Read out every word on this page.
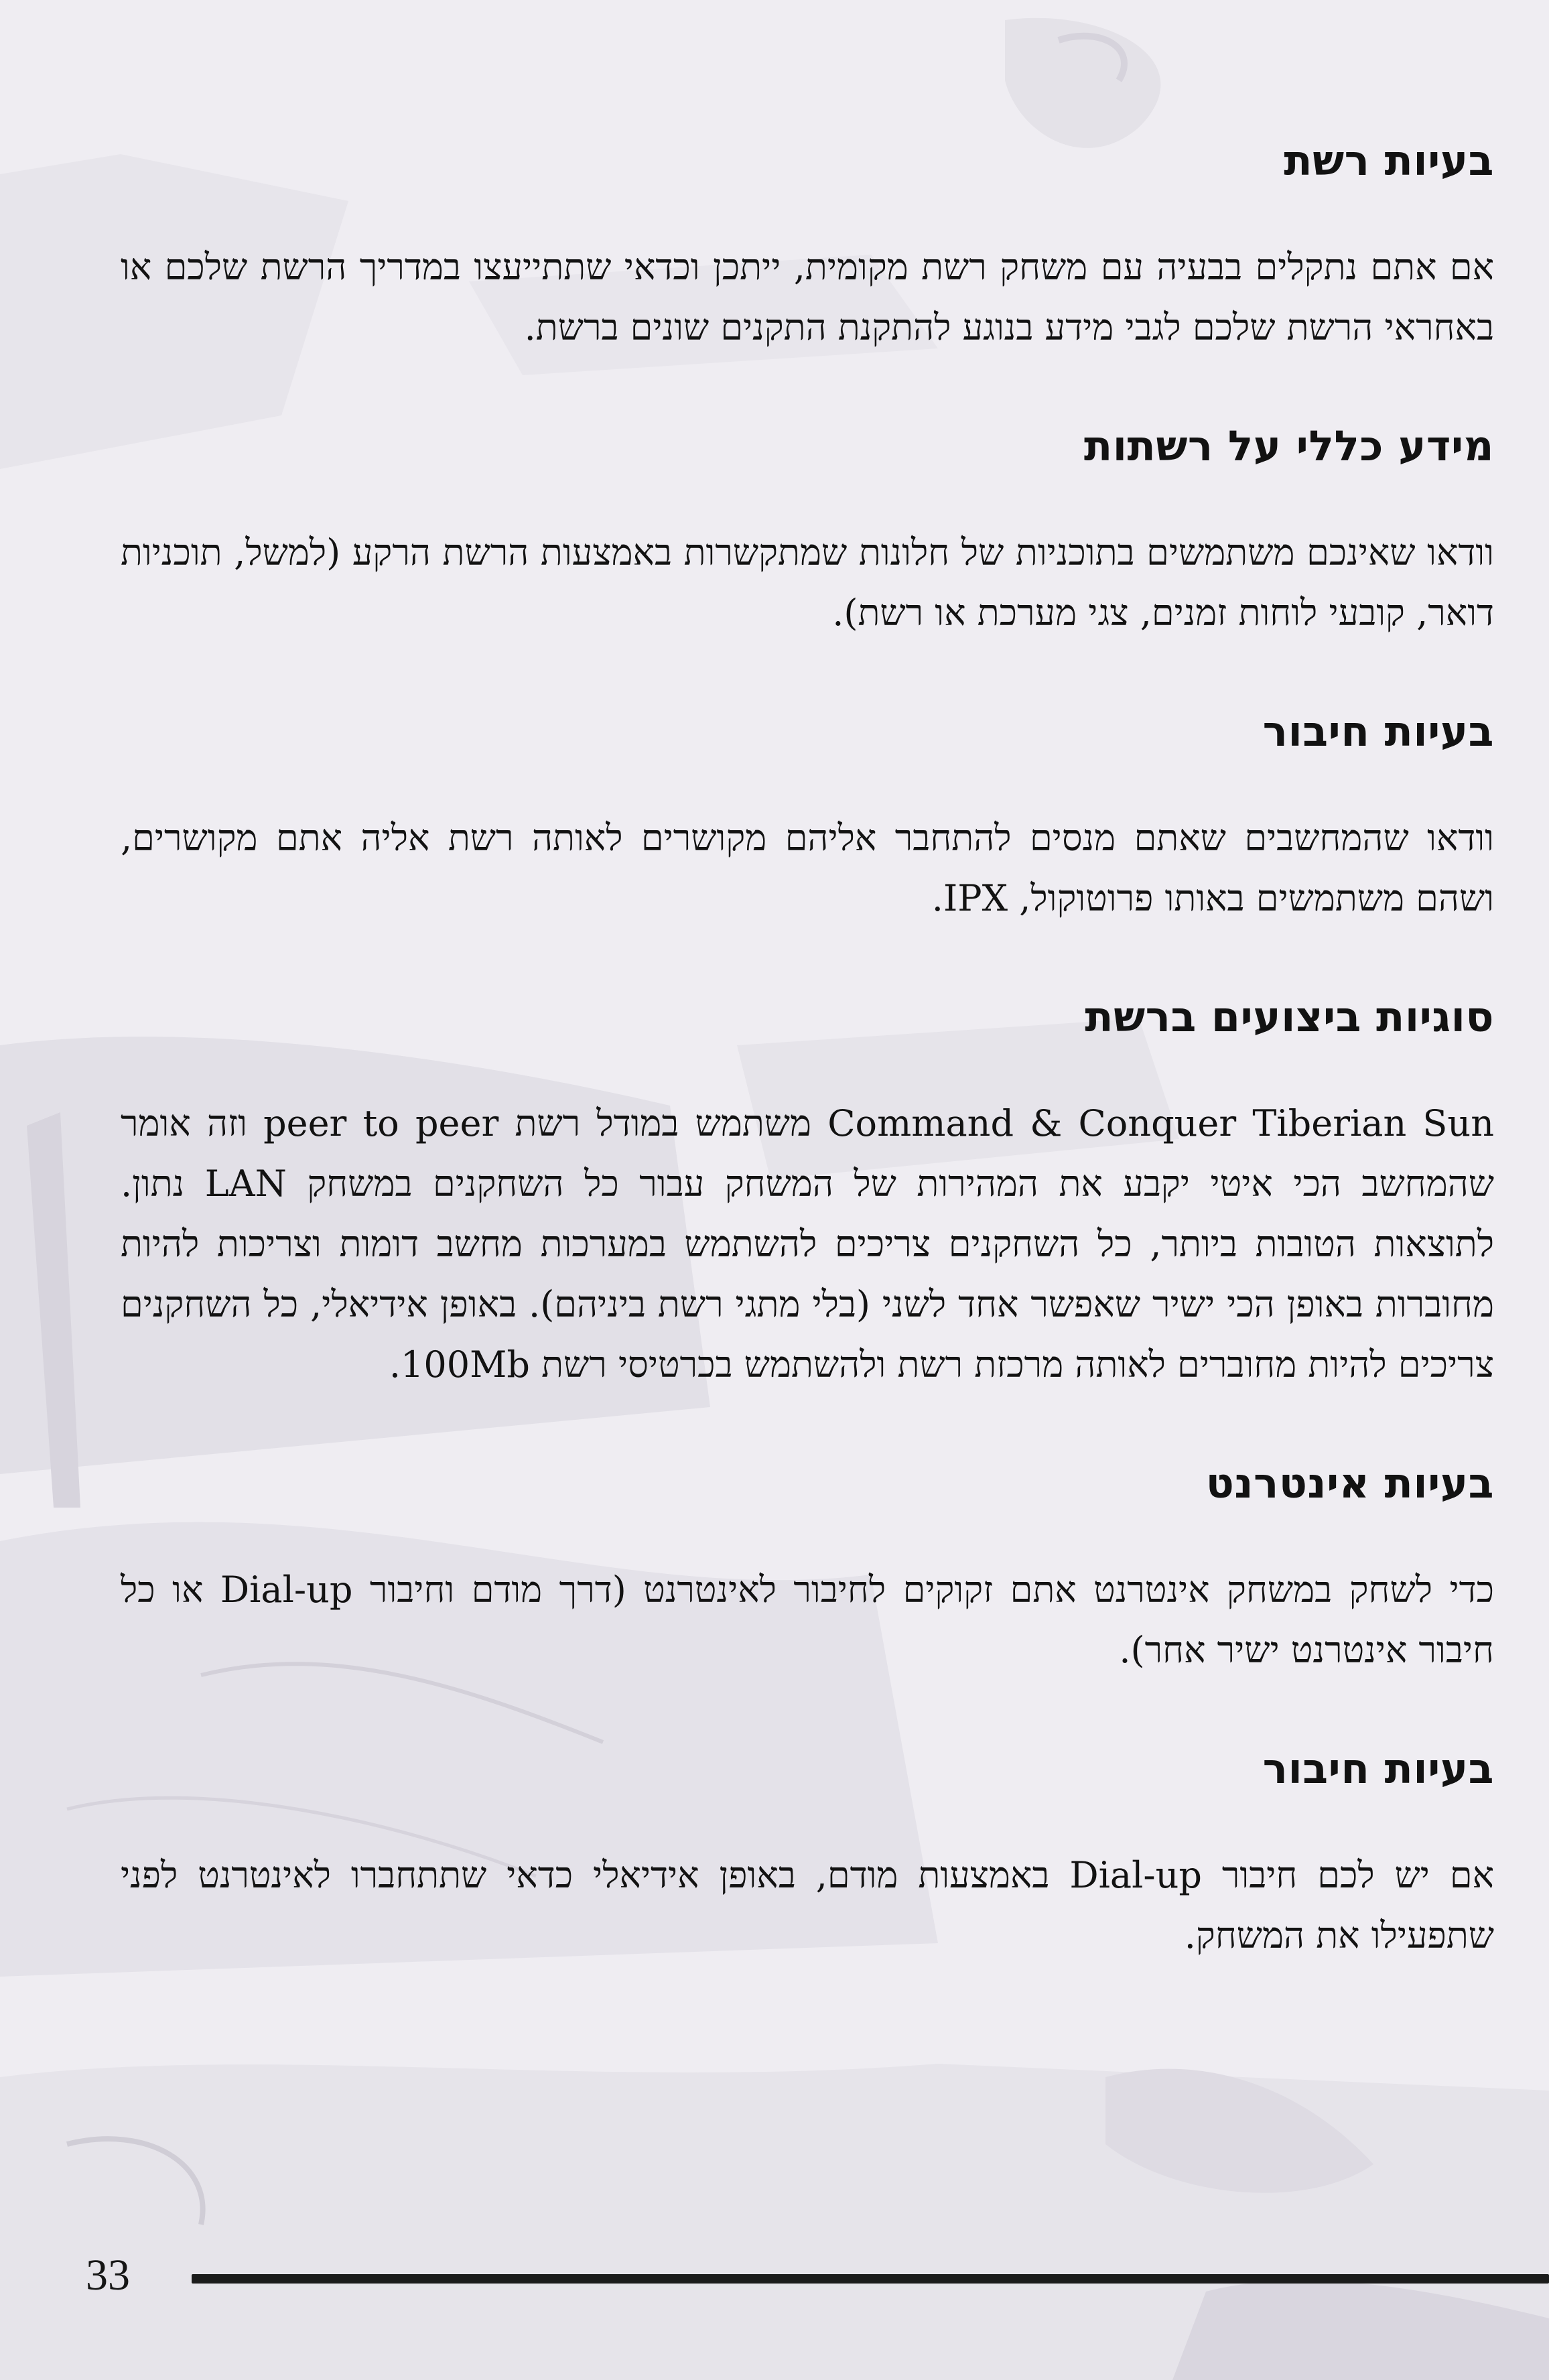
בעיות רשת

אם אתם נתקלים בבעיה עם משחק רשת מקומית, ייתכן וכדאי שתתייעצו במדריך הרשת שלכם או באחראי הרשת שלכם לגבי מידע בנוגע להתקנת התקנים שונים ברשת.

מידע כללי על רשתות

וודאו שאינכם משתמשים בתוכניות של חלונות שמתקשרות באמצעות הרשת הרקע (למשל, תוכניות דואר, קובעי לוחות זמנים, צגי מערכת או רשת).

בעיות חיבור

וודאו שהמחשבים שאתם מנסים להתחבר אליהם מקושרים לאותה רשת אליה אתם מקושרים, ושהם משתמשים באותו פרוטוקול, IPX.

סוגיות ביצועים ברשת

Command & Conquer Tiberian Sun משתמש במודל רשת peer to peer וזה אומר שהמחשב הכי איטי יקבע את המהירות של המשחק עבור כל השחקנים במשחק LAN נתון. לתוצאות הטובות ביותר, כל השחקנים צריכים להשתמש במערכות מחשב דומות וצריכות להיות מחוברות באופן הכי ישיר שאפשר אחד לשני (בלי מתגי רשת ביניהם). באופן אידיאלי, כל השחקנים צריכים להיות מחוברים לאותה מרכזת רשת ולהשתמש בכרטיסי רשת 100Mb.

בעיות אינטרנט

כדי לשחק במשחק אינטרנט אתם זקוקים לחיבור לאינטרנט (דרך מודם וחיבור Dial-up או כל חיבור אינטרנט ישיר אחר).

בעיות חיבור

אם יש לכם חיבור Dial-up באמצעות מודם, באופן אידיאלי כדאי שתתחברו לאינטרנט לפני שתפעילו את המשחק.

33
